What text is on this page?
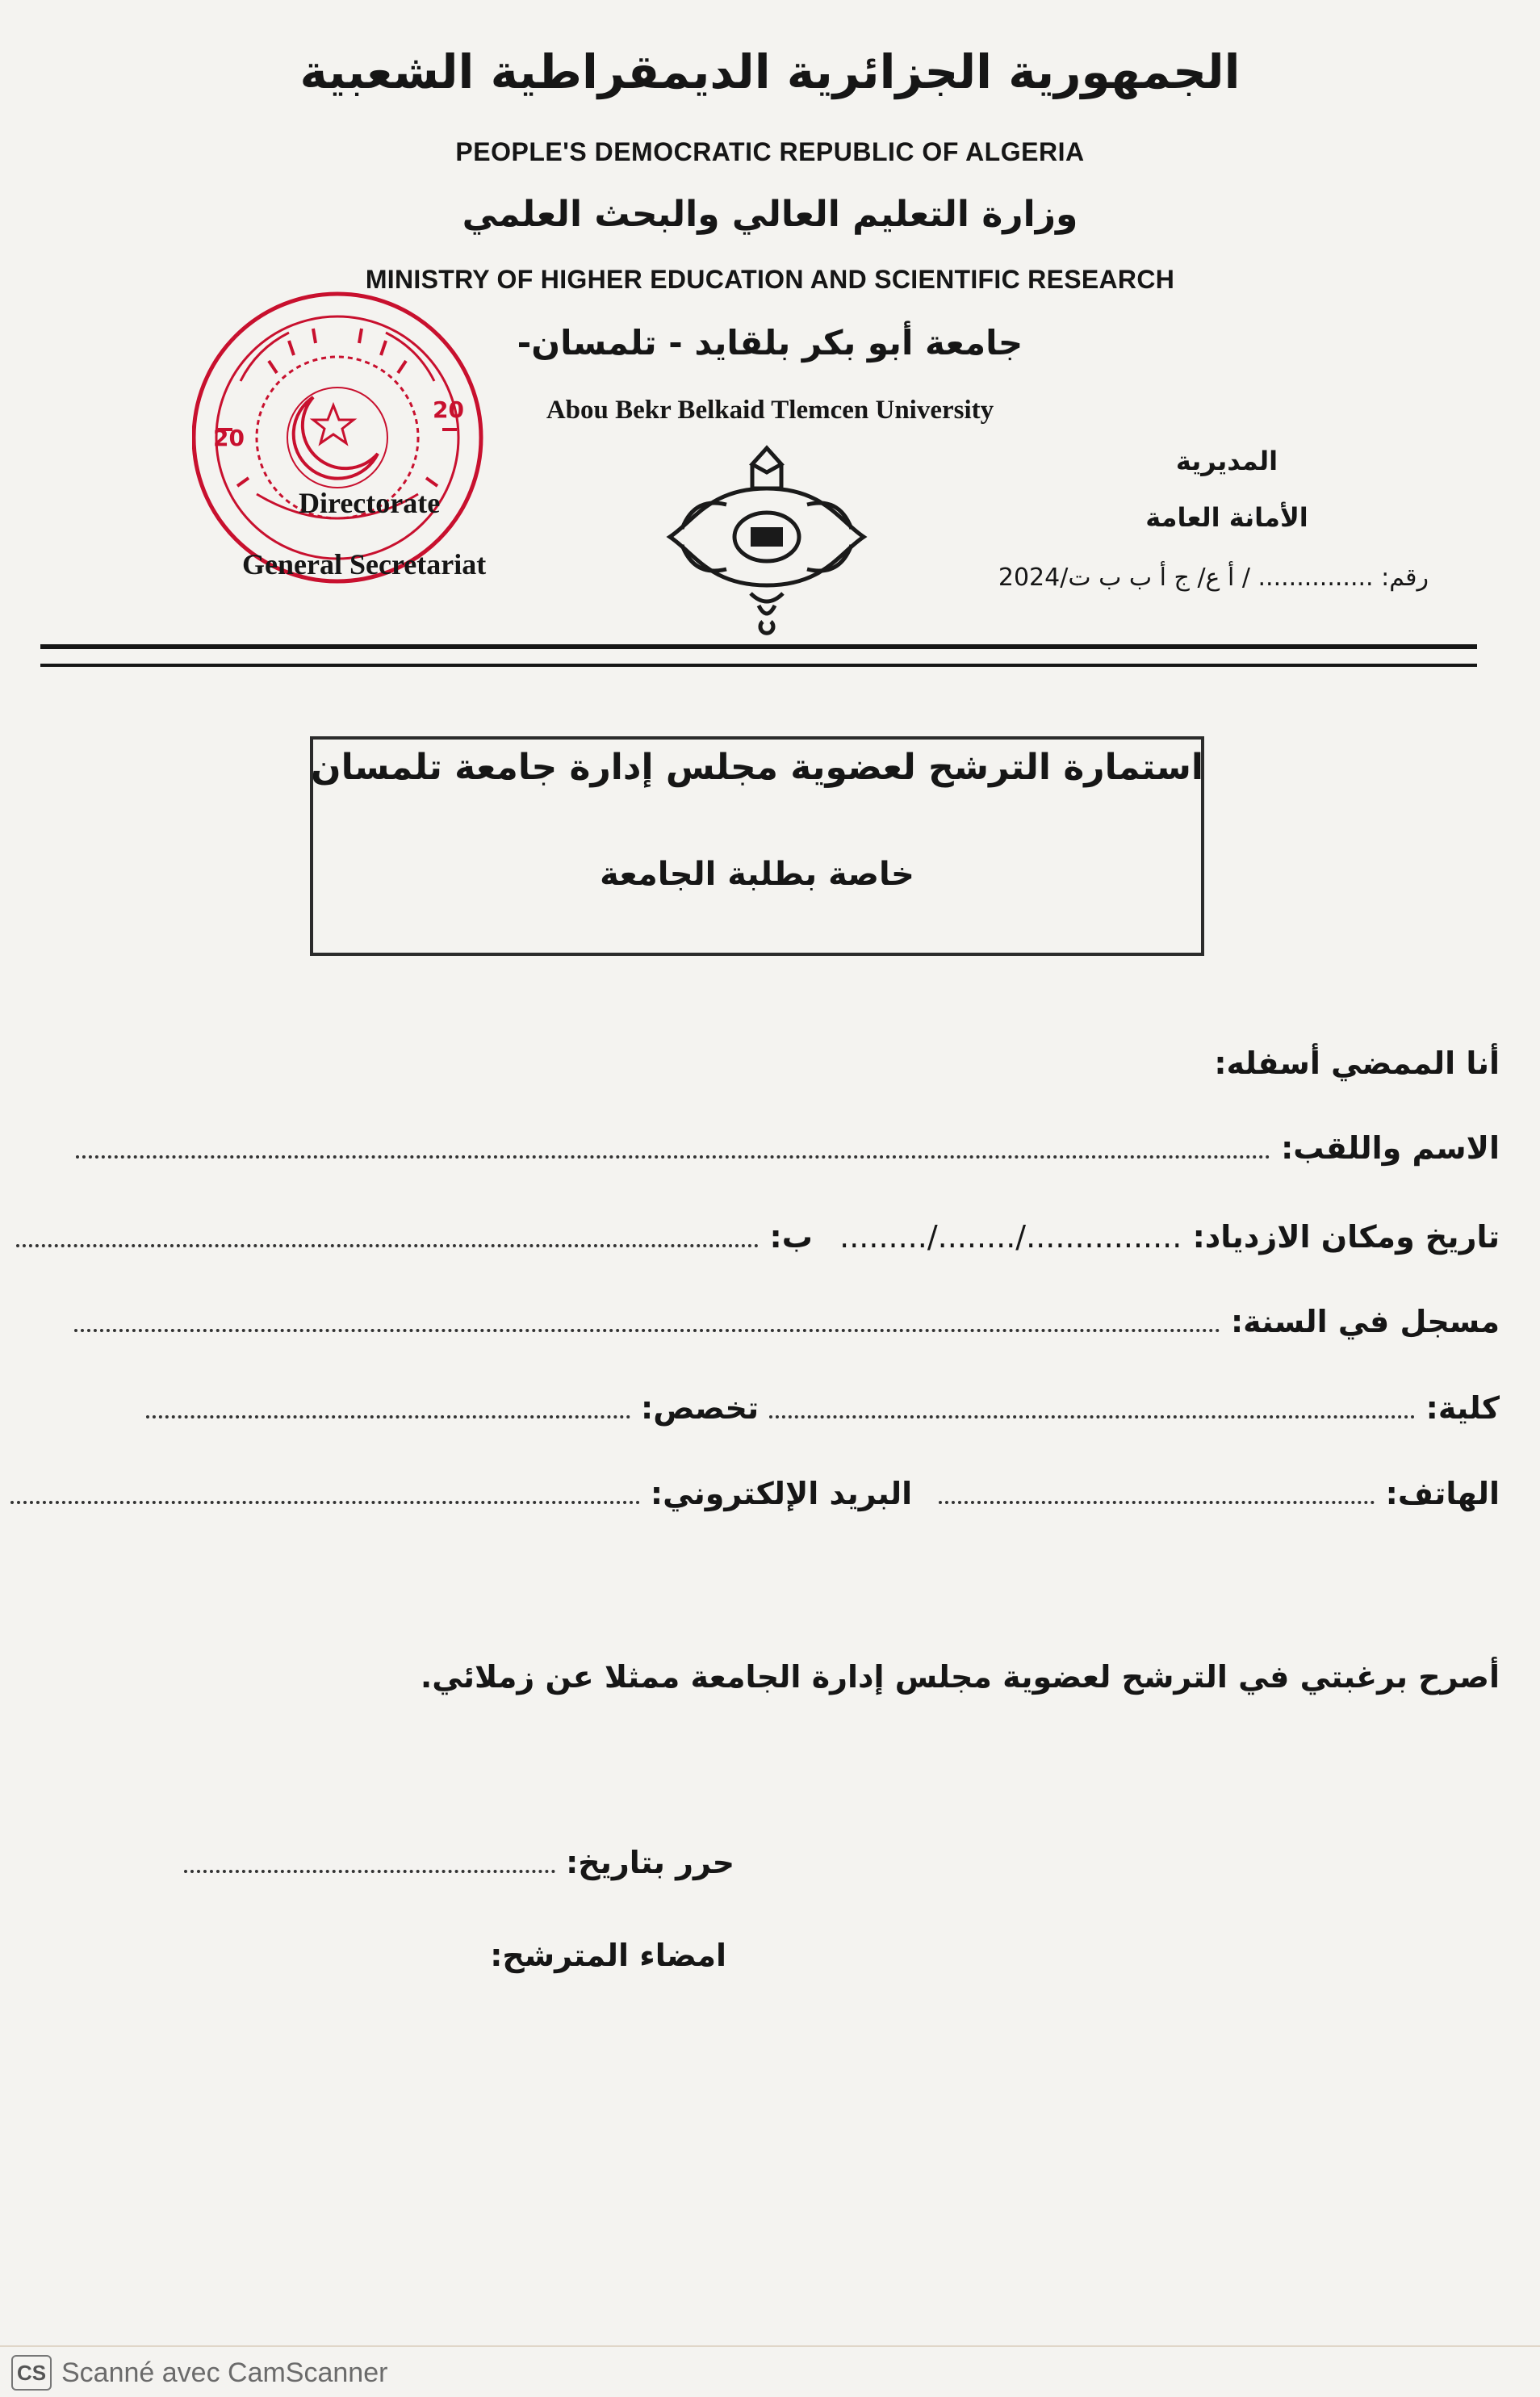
الجمهورية الجزائرية الديمقراطية الشعبية
PEOPLE'S DEMOCRATIC REPUBLIC OF ALGERIA
وزارة التعليم العالي والبحث العلمي
MINISTRY OF HIGHER EDUCATION AND SCIENTIFIC RESEARCH
جامعة أبو بكر بلقايد - تلمسان-
Abou Bekr Belkaid Tlemcen University
20
20
Directorate
General Secretariat
المديرية
الأمانة العامة
رقم: ............... / أ ع/ ج أ ب ب ت/2024
استمارة الترشح لعضوية مجلس إدارة جامعة تلمسان
خاصة بطلبة الجامعة
أنا الممضي أسفله:
الاسم واللقب:
تاريخ ومكان الازدياد: ........./......../................ ب:
مسجل في السنة:
كلية:  تخصص:
الهاتف:  البريد الإلكتروني:
أصرح برغبتي في الترشح لعضوية مجلس إدارة الجامعة ممثلا عن زملائي.
حرر بتاريخ:
امضاء المترشح:
CS Scanné avec CamScanner
